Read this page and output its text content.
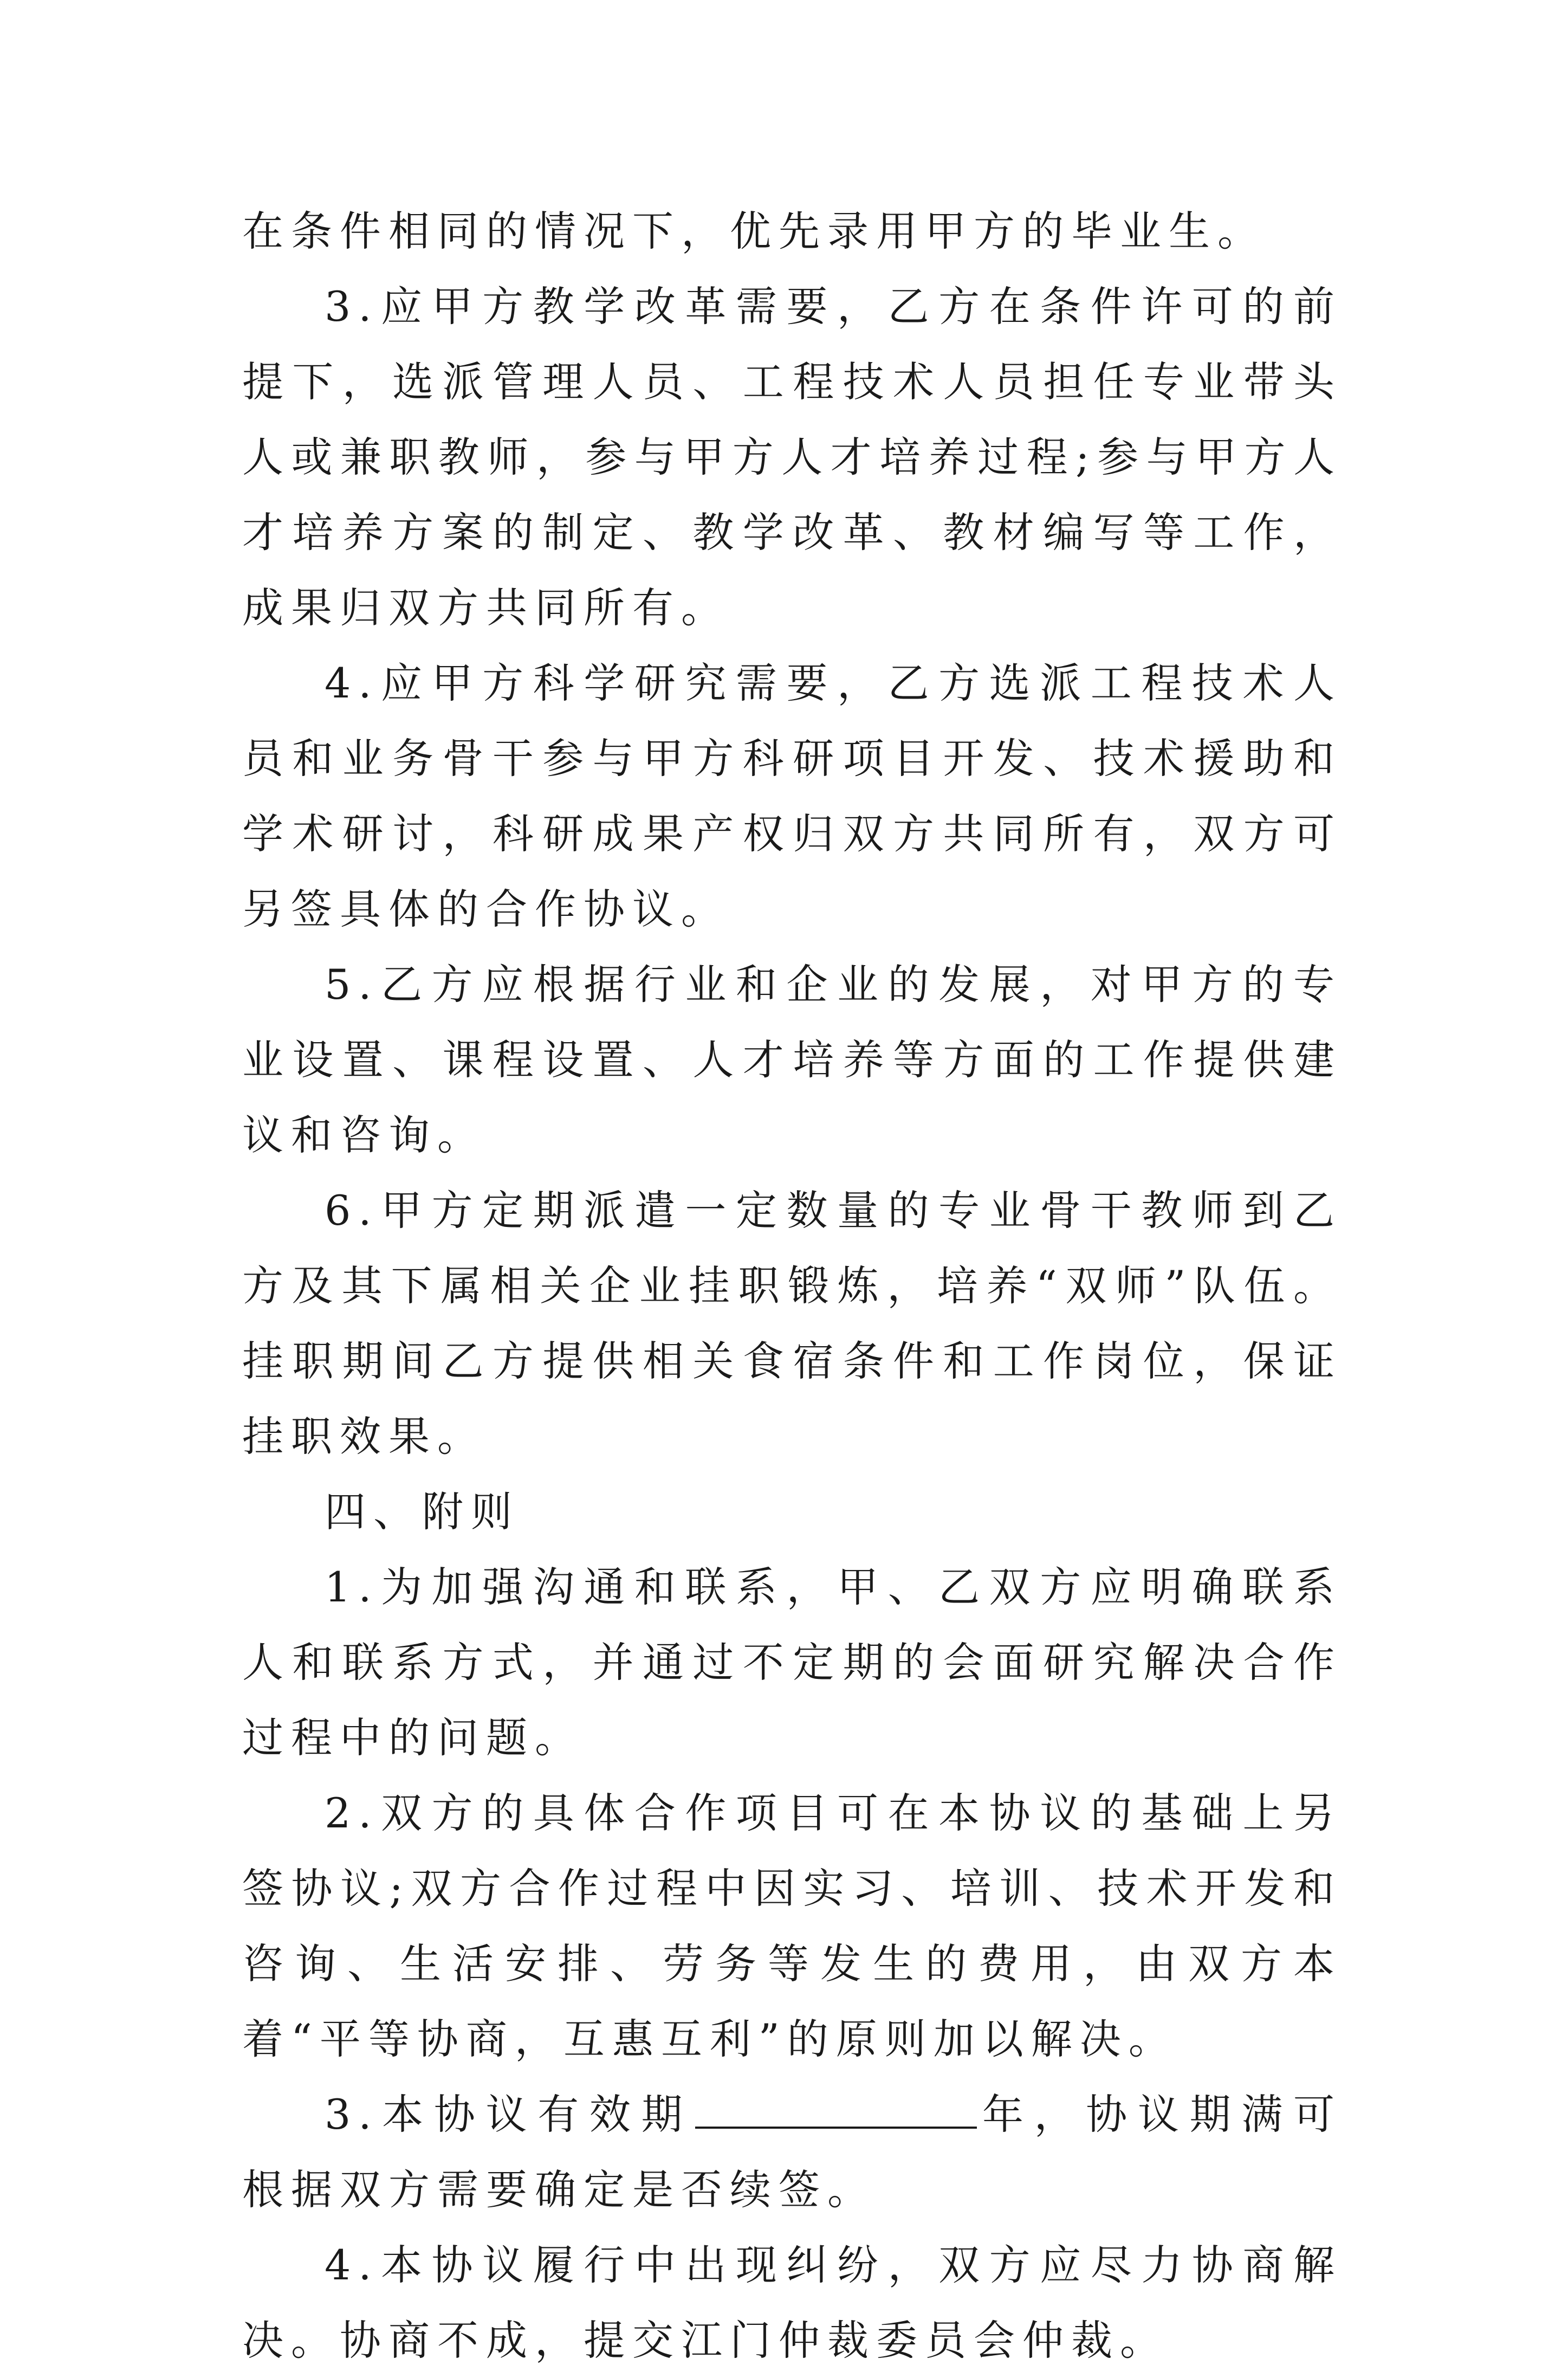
在条件相同的情况下，优先录用甲方的毕业生。

3.应甲方教学改革需要，乙方在条件许可的前提下，选派管理人员、工程技术人员担任专业带头人或兼职教师，参与甲方人才培养过程;参与甲方人才培养方案的制定、教学改革、教材编写等工作，成果归双方共同所有。

4.应甲方科学研究需要，乙方选派工程技术人员和业务骨干参与甲方科研项目开发、技术援助和学术研讨，科研成果产权归双方共同所有，双方可另签具体的合作协议。

5.乙方应根据行业和企业的发展，对甲方的专业设置、课程设置、人才培养等方面的工作提供建议和咨询。

6.甲方定期派遣一定数量的专业骨干教师到乙方及其下属相关企业挂职锻炼，培养“双师”队伍。挂职期间乙方提供相关食宿条件和工作岗位，保证挂职效果。

四、附则

1.为加强沟通和联系，甲、乙双方应明确联系人和联系方式，并通过不定期的会面研究解决合作过程中的问题。

2.双方的具体合作项目可在本协议的基础上另签协议;双方合作过程中因实习、培训、技术开发和咨询、生活安排、劳务等发生的费用，由双方本着“平等协商，互惠互利”的原则加以解决。

3.本协议有效期	年，协议期满可根据双方需要确定是否续签。

4.本协议履行中出现纠纷，双方应尽力协商解决。协商不成，提交江门仲裁委员会仲裁。
